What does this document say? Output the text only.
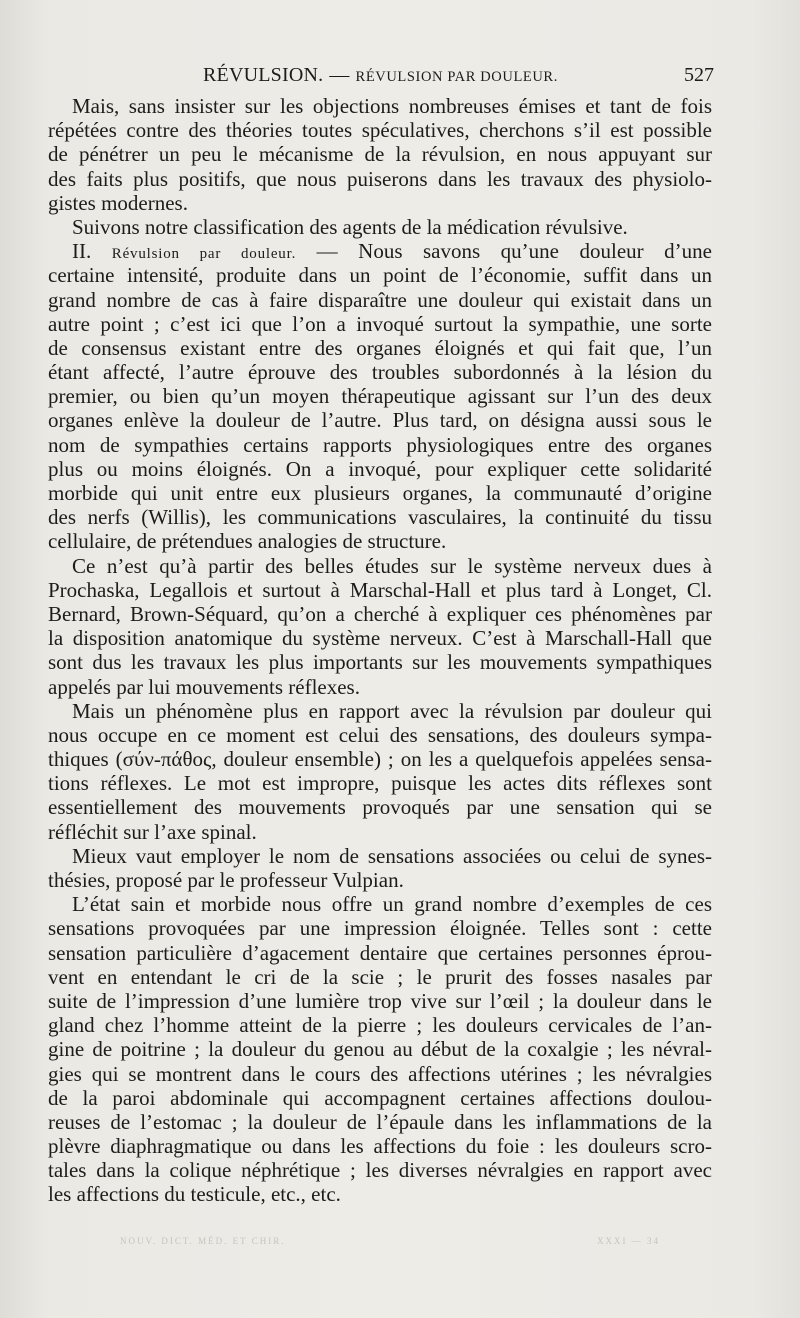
RÉVULSION. — RÉVULSION PAR DOULEUR.	527
Mais, sans insister sur les objections nombreuses émises et tant de fois
répétées contre des théories toutes spéculatives, cherchons s’il est possible
de pénétrer un peu le mécanisme de la révulsion, en nous appuyant sur
des faits plus positifs, que nous puiserons dans les travaux des physiolo-
gistes modernes.
Suivons notre classification des agents de la médication révulsive.
II. Révulsion par douleur. — Nous savons qu’une douleur d’une
certaine intensité, produite dans un point de l’économie, suffit dans un
grand nombre de cas à faire disparaître une douleur qui existait dans un
autre point ; c’est ici que l’on a invoqué surtout la sympathie, une sorte
de consensus existant entre des organes éloignés et qui fait que, l’un
étant affecté, l’autre éprouve des troubles subordonnés à la lésion du
premier, ou bien qu’un moyen thérapeutique agissant sur l’un des deux
organes enlève la douleur de l’autre. Plus tard, on désigna aussi sous le
nom de sympathies certains rapports physiologiques entre des organes
plus ou moins éloignés. On a invoqué, pour expliquer cette solidarité
morbide qui unit entre eux plusieurs organes, la communauté d’origine
des nerfs (Willis), les communications vasculaires, la continuité du tissu
cellulaire, de prétendues analogies de structure.
Ce n’est qu’à partir des belles études sur le système nerveux dues à
Prochaska, Legallois et surtout à Marschal-Hall et plus tard à Longet, Cl.
Bernard, Brown-Séquard, qu’on a cherché à expliquer ces phénomènes par
la disposition anatomique du système nerveux. C’est à Marschall-Hall que
sont dus les travaux les plus importants sur les mouvements sympathiques
appelés par lui mouvements réflexes.
Mais un phénomène plus en rapport avec la révulsion par douleur qui
nous occupe en ce moment est celui des sensations, des douleurs sympa-
thiques (σύν-πάθος, douleur ensemble) ; on les a quelquefois appelées sensa-
tions réflexes. Le mot est impropre, puisque les actes dits réflexes sont
essentiellement des mouvements provoqués par une sensation qui se
réfléchit sur l’axe spinal.
Mieux vaut employer le nom de sensations associées ou celui de synes-
thésies, proposé par le professeur Vulpian.
L’état sain et morbide nous offre un grand nombre d’exemples de ces
sensations provoquées par une impression éloignée. Telles sont : cette
sensation particulière d’agacement dentaire que certaines personnes éprou-
vent en entendant le cri de la scie ; le prurit des fosses nasales par
suite de l’impression d’une lumière trop vive sur l’œil ; la douleur dans le
gland chez l’homme atteint de la pierre ; les douleurs cervicales de l’an-
gine de poitrine ; la douleur du genou au début de la coxalgie ; les névral-
gies qui se montrent dans le cours des affections utérines ; les névralgies
de la paroi abdominale qui accompagnent certaines affections doulou-
reuses de l’estomac ; la douleur de l’épaule dans les inflammations de la
plèvre diaphragmatique ou dans les affections du foie : les douleurs scro-
tales dans la colique néphrétique ; les diverses névralgies en rapport avec
les affections du testicule, etc., etc.
NOUV. DICT. MÉD. ET CHIR.	XXXI — 34
